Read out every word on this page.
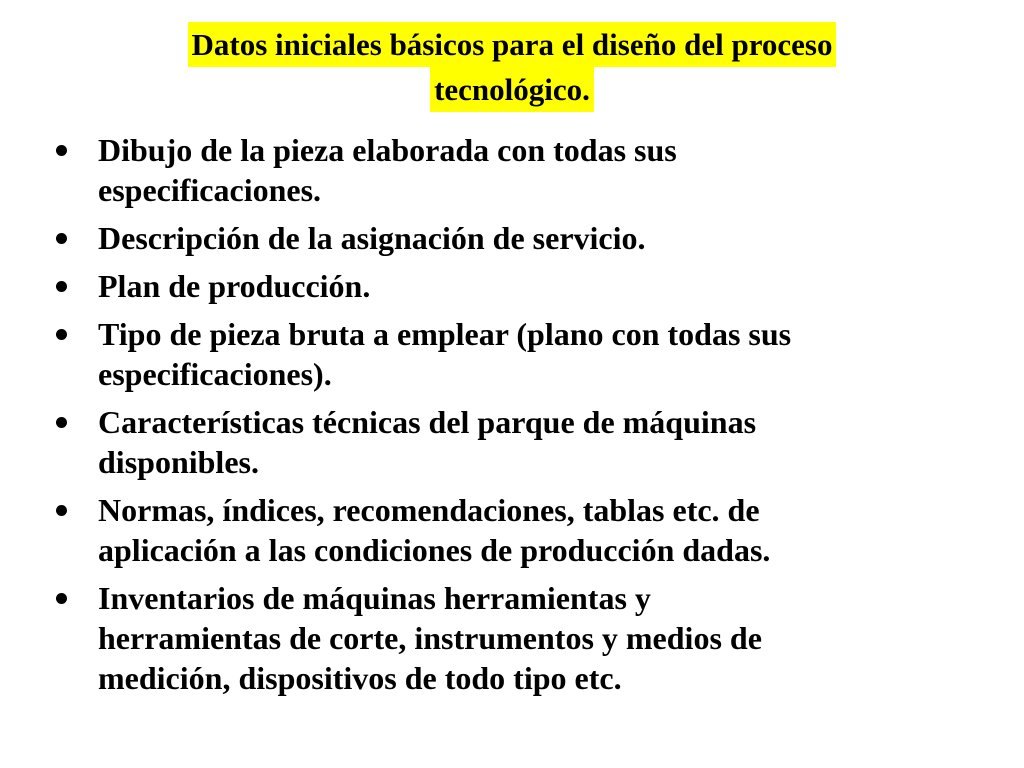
Datos iniciales básicos para el diseño del proceso
tecnológico.
Dibujo de la pieza elaborada con todas sus
especificaciones.
Descripción de la asignación de servicio.
Plan de producción.
Tipo de pieza bruta a emplear (plano con todas sus
especificaciones).
Características técnicas del parque de máquinas
disponibles.
Normas, índices, recomendaciones, tablas etc. de
aplicación a las condiciones de producción dadas.
Inventarios de máquinas herramientas y
herramientas de corte, instrumentos y medios de
medición, dispositivos de todo tipo etc.
